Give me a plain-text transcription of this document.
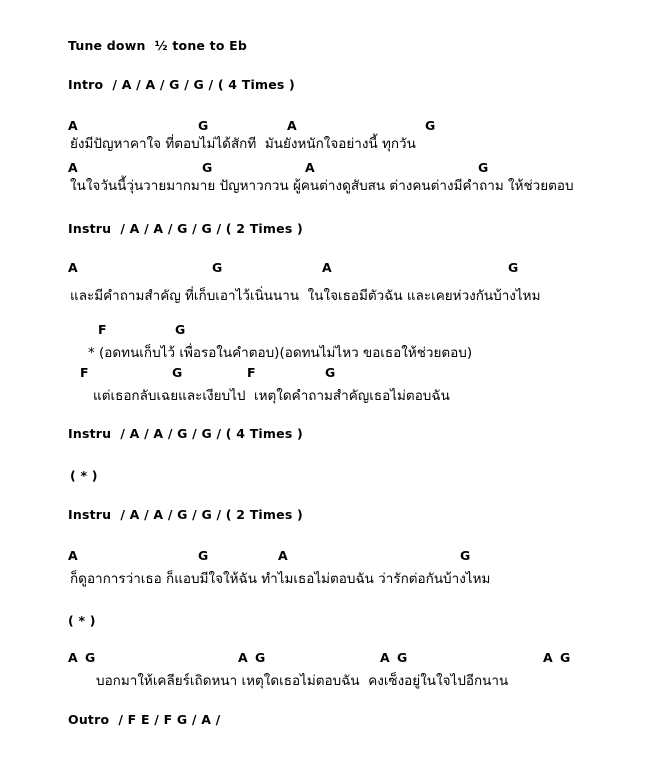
Tune down  ½ tone to Eb
Intro  / A / A / G / G / ( 4 Times )
A	G	A	G
ยังมีปัญหาคาใจ ที่ตอบไม่ได้สักที  มันยังหนักใจอย่างนี้ ทุกวัน
A	G	A	G
ในใจวันนี้วุ่นวายมากมาย ปัญหาวกวน ผู้คนต่างดูสับสน ต่างคนต่างมีคำถาม ให้ช่วยตอบ
Instru  / A / A / G / G / ( 2 Times )
A	G	A	G
และมีคำถามสำคัญ ที่เก็บเอาไว้เนิ่นนาน  ในใจเธอมีตัวฉัน และเคยห่วงกันบ้างไหม
F	G
* (อดทนเก็บไว้ เพื่อรอในคำตอบ)(อดทนไม่ไหว ขอเธอให้ช่วยตอบ)
F	G	F	G
แต่เธอกลับเฉยและเงียบไป  เหตุใดคำถามสำคัญเธอไม่ตอบฉัน
Instru  / A / A / G / G / ( 4 Times )
( * )
Instru  / A / A / G / G / ( 2 Times )
A	G	A	G
ก็ดูอาการว่าเธอ ก็แอบมีใจให้ฉัน ทำไมเธอไม่ตอบฉัน ว่ารักต่อกันบ้างไหม
( * )
A G	A G	A G	A G
บอกมาให้เคลียร์เถิดหนา เหตุใดเธอไม่ตอบฉัน  คงเซ็งอยู่ในใจไปอีกนาน
Outro  / F E / F G / A /
